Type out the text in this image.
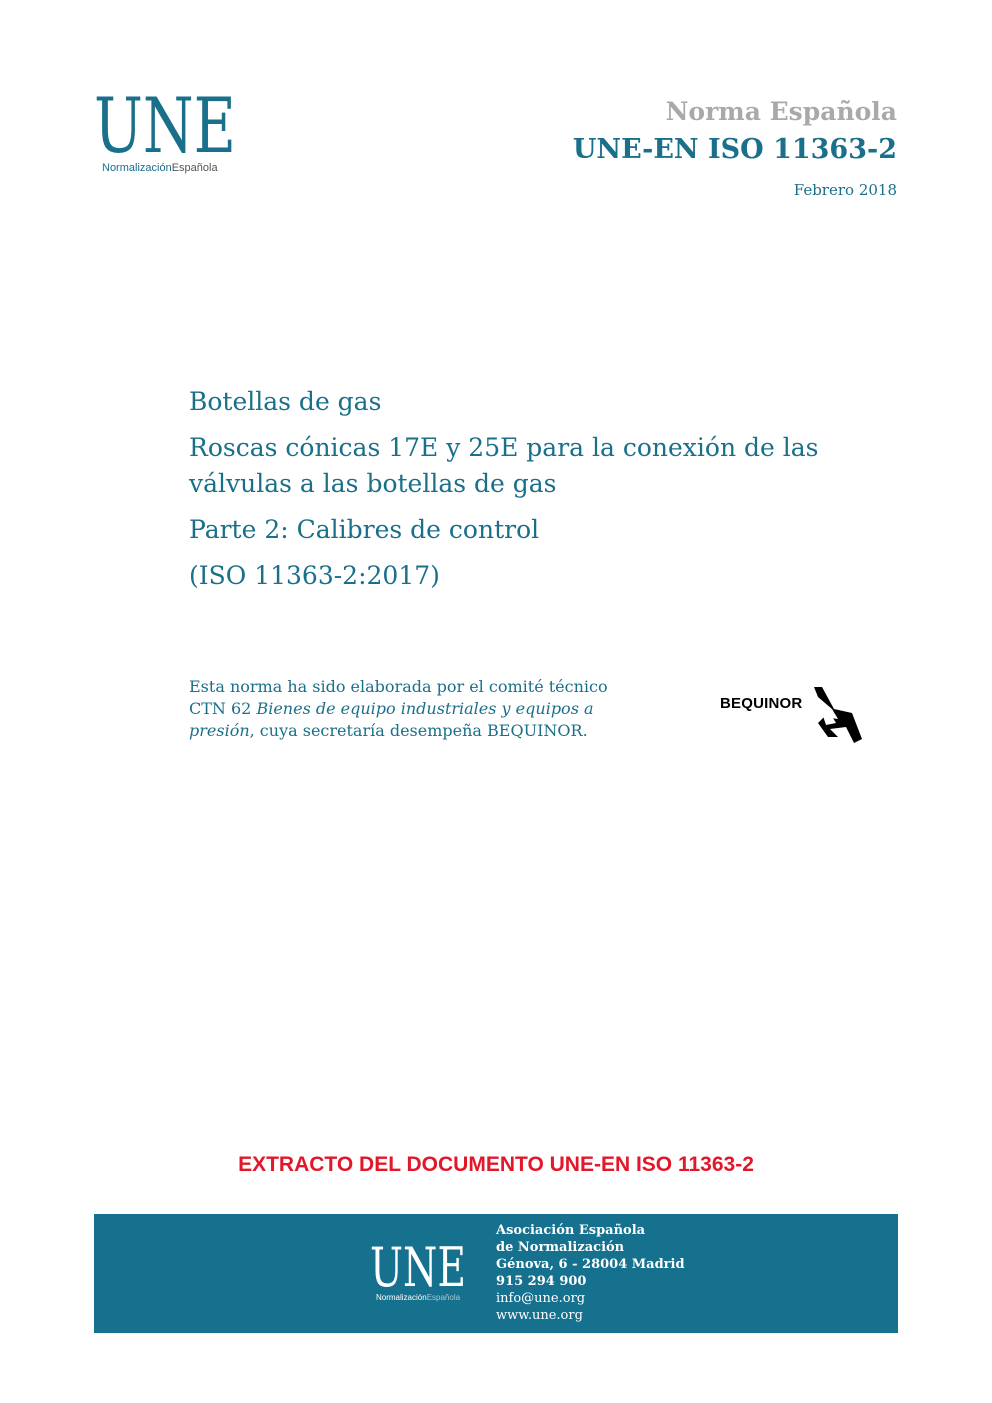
UNE
NormalizaciónEspañola

Norma Española

UNE-EN ISO 11363-2

Febrero 2018

Botellas de gas

Roscas cónicas 17E y 25E para la conexión de las válvulas a las botellas de gas

Parte 2: Calibres de control

(ISO 11363-2:2017)

Esta norma ha sido elaborada por el comité técnico CTN 62 Bienes de equipo industriales y equipos a presión, cuya secretaría desempeña BEQUINOR.

BEQUINOR
EXTRACTO DEL DOCUMENTO UNE-EN ISO 11363-2
UNE
NormalizaciónEspañola

Asociación Española

de Normalización

Génova, 6 - 28004 Madrid

915 294 900

info@une.org

www.une.org
